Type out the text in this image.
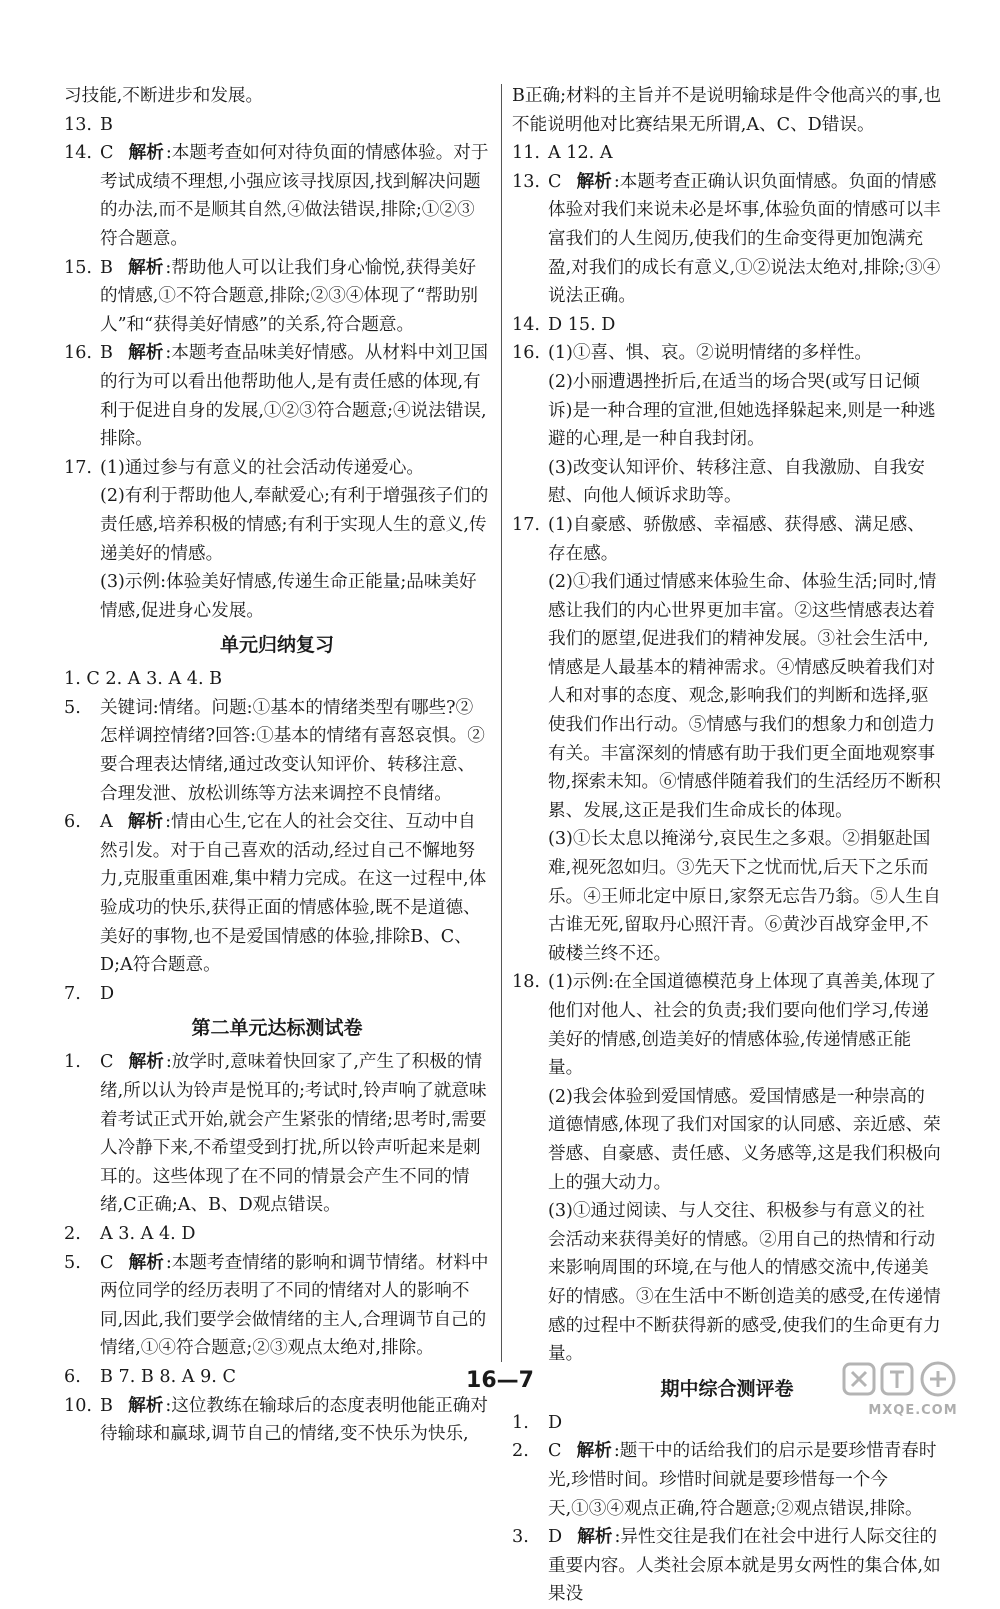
习技能,不断进步和发展。
13. B
14. C 解析 :本题考查如何对待负面的情感体验。对于考试成绩不理想,小强应该寻找原因,找到解决问题的办法,而不是顺其自然,④做法错误,排除;①②③符合题意。
15. B 解析 :帮助他人可以让我们身心愉悦,获得美好的情感,①不符合题意,排除;②③④体现了“帮助别人”和“获得美好情感”的关系,符合题意。
16. B 解析 :本题考查品味美好情感。从材料中刘卫国的行为可以看出他帮助他人,是有责任感的体现,有利于促进自身的发展,①②③符合题意;④说法错误,排除。
17. (1)通过参与有意义的社会活动传递爱心。
(2)有利于帮助他人,奉献爱心;有利于增强孩子们的责任感,培养积极的情感;有利于实现人生的意义,传递美好的情感。
(3)示例:体验美好情感,传递生命正能量;品味美好情感,促进身心发展。
单元归纳复习
1. C 2. A 3. A 4. B
5. 关键词:情绪。问题:①基本的情绪类型有哪些?②怎样调控情绪?回答:①基本的情绪有喜怒哀惧。②要合理表达情绪,通过改变认知评价、转移注意、合理发泄、放松训练等方法来调控不良情绪。
6. A 解析 :情由心生,它在人的社会交往、互动中自然引发。对于自己喜欢的活动,经过自己不懈地努力,克服重重困难,集中精力完成。在这一过程中,体验成功的快乐,获得正面的情感体验,既不是道德、美好的事物,也不是爱国情感的体验,排除B、C、D;A符合题意。
7. D
第二单元达标测试卷
1. C 解析 :放学时,意味着快回家了,产生了积极的情绪,所以认为铃声是悦耳的;考试时,铃声响了就意味着考试正式开始,就会产生紧张的情绪;思考时,需要人冷静下来,不希望受到打扰,所以铃声听起来是刺耳的。这些体现了在不同的情景会产生不同的情绪,C正确;A、B、D观点错误。
2. A 3. A 4. D
5. C 解析 :本题考查情绪的影响和调节情绪。材料中两位同学的经历表明了不同的情绪对人的影响不同,因此,我们要学会做情绪的主人,合理调节自己的情绪,①④符合题意;②③观点太绝对,排除。
6. B 7. B 8. A 9. C
10. B 解析 :这位教练在输球后的态度表明他能正确对待输球和赢球,调节自己的情绪,变不快乐为快乐,
B正确;材料的主旨并不是说明输球是件令他高兴的事,也不能说明他对比赛结果无所谓,A、C、D错误。
11. A 12. A
13. C 解析 :本题考查正确认识负面情感。负面的情感体验对我们来说未必是坏事,体验负面的情感可以丰富我们的人生阅历,使我们的生命变得更加饱满充盈,对我们的成长有意义,①②说法太绝对,排除;③④说法正确。
14. D 15. D
16. (1)①喜、惧、哀。②说明情绪的多样性。
(2)小丽遭遇挫折后,在适当的场合哭(或写日记倾诉)是一种合理的宣泄,但她选择躲起来,则是一种逃避的心理,是一种自我封闭。
(3)改变认知评价、转移注意、自我激励、自我安慰、向他人倾诉求助等。
17. (1)自豪感、骄傲感、幸福感、获得感、满足感、存在感。
(2)①我们通过情感来体验生命、体验生活;同时,情感让我们的内心世界更加丰富。②这些情感表达着我们的愿望,促进我们的精神发展。③社会生活中,情感是人最基本的精神需求。④情感反映着我们对人和对事的态度、观念,影响我们的判断和选择,驱使我们作出行动。⑤情感与我们的想象力和创造力有关。丰富深刻的情感有助于我们更全面地观察事物,探索未知。⑥情感伴随着我们的生活经历不断积累、发展,这正是我们生命成长的体现。
(3)①长太息以掩涕兮,哀民生之多艰。②捐躯赴国难,视死忽如归。③先天下之忧而忧,后天下之乐而乐。④王师北定中原日,家祭无忘告乃翁。⑤人生自古谁无死,留取丹心照汗青。⑥黄沙百战穿金甲,不破楼兰终不还。
18. (1)示例:在全国道德模范身上体现了真善美,体现了他们对他人、社会的负责;我们要向他们学习,传递美好的情感,创造美好的情感体验,传递情感正能量。
(2)我会体验到爱国情感。爱国情感是一种崇高的道德情感,体现了我们对国家的认同感、亲近感、荣誉感、自豪感、责任感、义务感等,这是我们积极向上的强大动力。
(3)①通过阅读、与人交往、积极参与有意义的社会活动来获得美好的情感。②用自己的热情和行动来影响周围的环境,在与他人的情感交流中,传递美好的情感。③在生活中不断创造美的感受,在传递情感的过程中不断获得新的感受,使我们的生命更有力量。
期中综合测评卷
1. D
2. C 解析 :题干中的话给我们的启示是要珍惜青春时光,珍惜时间。珍惜时间就是要珍惜每一个今天,①③④观点正确,符合题意;②观点错误,排除。
3. D 解析 :异性交往是我们在社会中进行人际交往的重要内容。人类社会原本就是男女两性的集合体,如果没
16—7
MXQE.COM
